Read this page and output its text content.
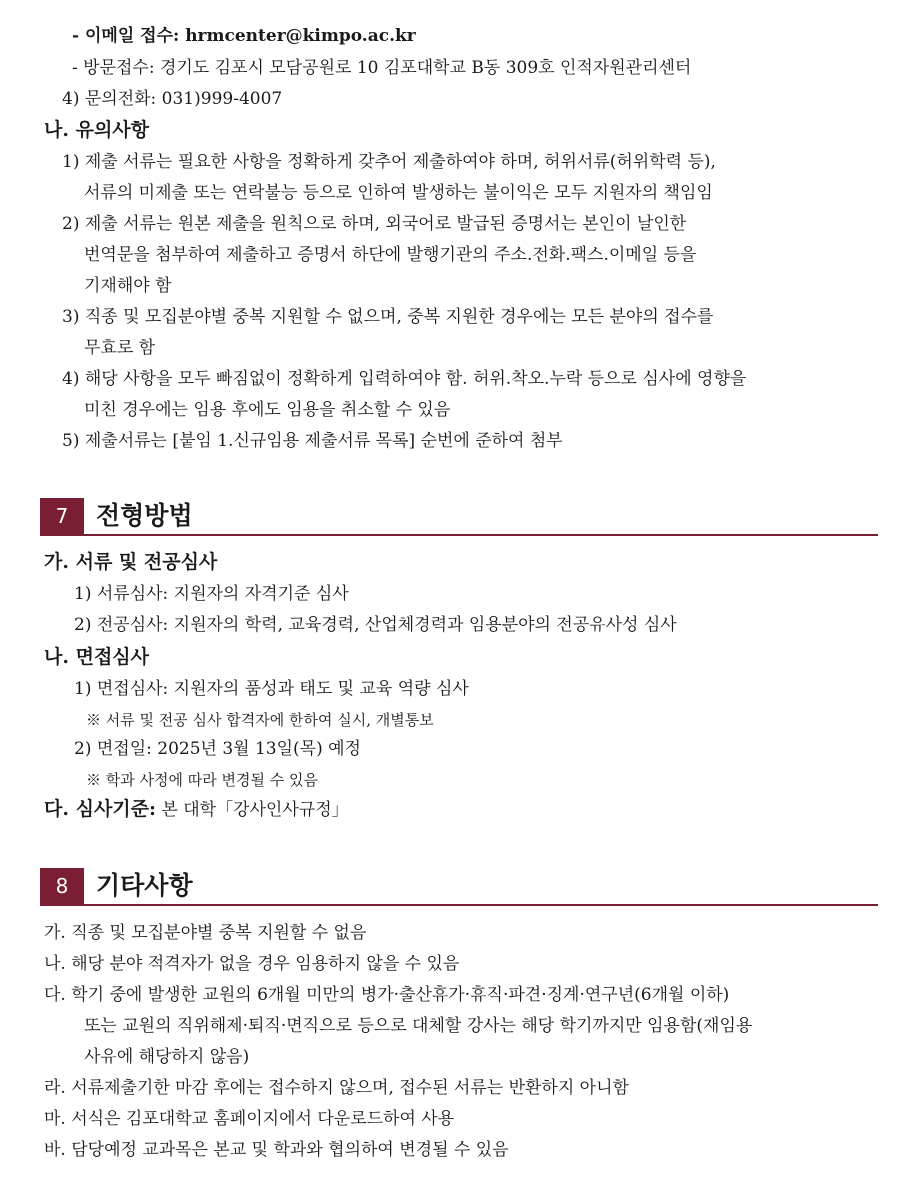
- 이메일 접수: hrmcenter@kimpo.ac.kr
- 방문접수: 경기도 김포시 모담공원로 10 김포대학교 B동 309호 인적자원관리센터
4) 문의전화: 031)999-4007
나. 유의사항
1) 제출 서류는 필요한 사항을 정확하게 갖추어 제출하여야 하며, 허위서류(허위학력 등),
서류의 미제출 또는 연락불능 등으로 인하여 발생하는 불이익은 모두 지원자의 책임임
2) 제출 서류는 원본 제출을 원칙으로 하며, 외국어로 발급된 증명서는 본인이 날인한
번역문을 첨부하여 제출하고 증명서 하단에 발행기관의 주소.전화.팩스.이메일 등을
기재해야 함
3) 직종 및 모집분야별 중복 지원할 수 없으며, 중복 지원한 경우에는 모든 분야의 접수를
무효로 함
4) 해당 사항을 모두 빠짐없이 정확하게 입력하여야 함. 허위.착오.누락 등으로 심사에 영향을
미친 경우에는 임용 후에도 임용을 취소할 수 있음
5) 제출서류는 [붙임 1.신규임용 제출서류 목록] 순번에 준하여 첨부
7	전형방법
가. 서류 및 전공심사
1) 서류심사: 지원자의 자격기준 심사
2) 전공심사: 지원자의 학력, 교육경력, 산업체경력과 임용분야의 전공유사성 심사
나. 면접심사
1) 면접심사: 지원자의 품성과 태도 및 교육 역량 심사
※ 서류 및 전공 심사 합격자에 한하여 실시, 개별통보
2) 면접일: 2025년 3월 13일(목) 예정
※ 학과 사정에 따라 변경될 수 있음
다. 심사기준: 본 대학「강사인사규정」
8	기타사항
가. 직종 및 모집분야별 중복 지원할 수 없음
나. 해당 분야 적격자가 없을 경우 임용하지 않을 수 있음
다. 학기 중에 발생한 교원의 6개월 미만의 병가·출산휴가·휴직·파견·징계·연구년(6개월 이하)
또는 교원의 직위해제·퇴직·면직으로 등으로 대체할 강사는 해당 학기까지만 임용함(재임용
사유에 해당하지 않음)
라. 서류제출기한 마감 후에는 접수하지 않으며, 접수된 서류는 반환하지 아니함
마. 서식은 김포대학교 홈페이지에서 다운로드하여 사용
바. 담당예정 교과목은 본교 및 학과와 협의하여 변경될 수 있음
